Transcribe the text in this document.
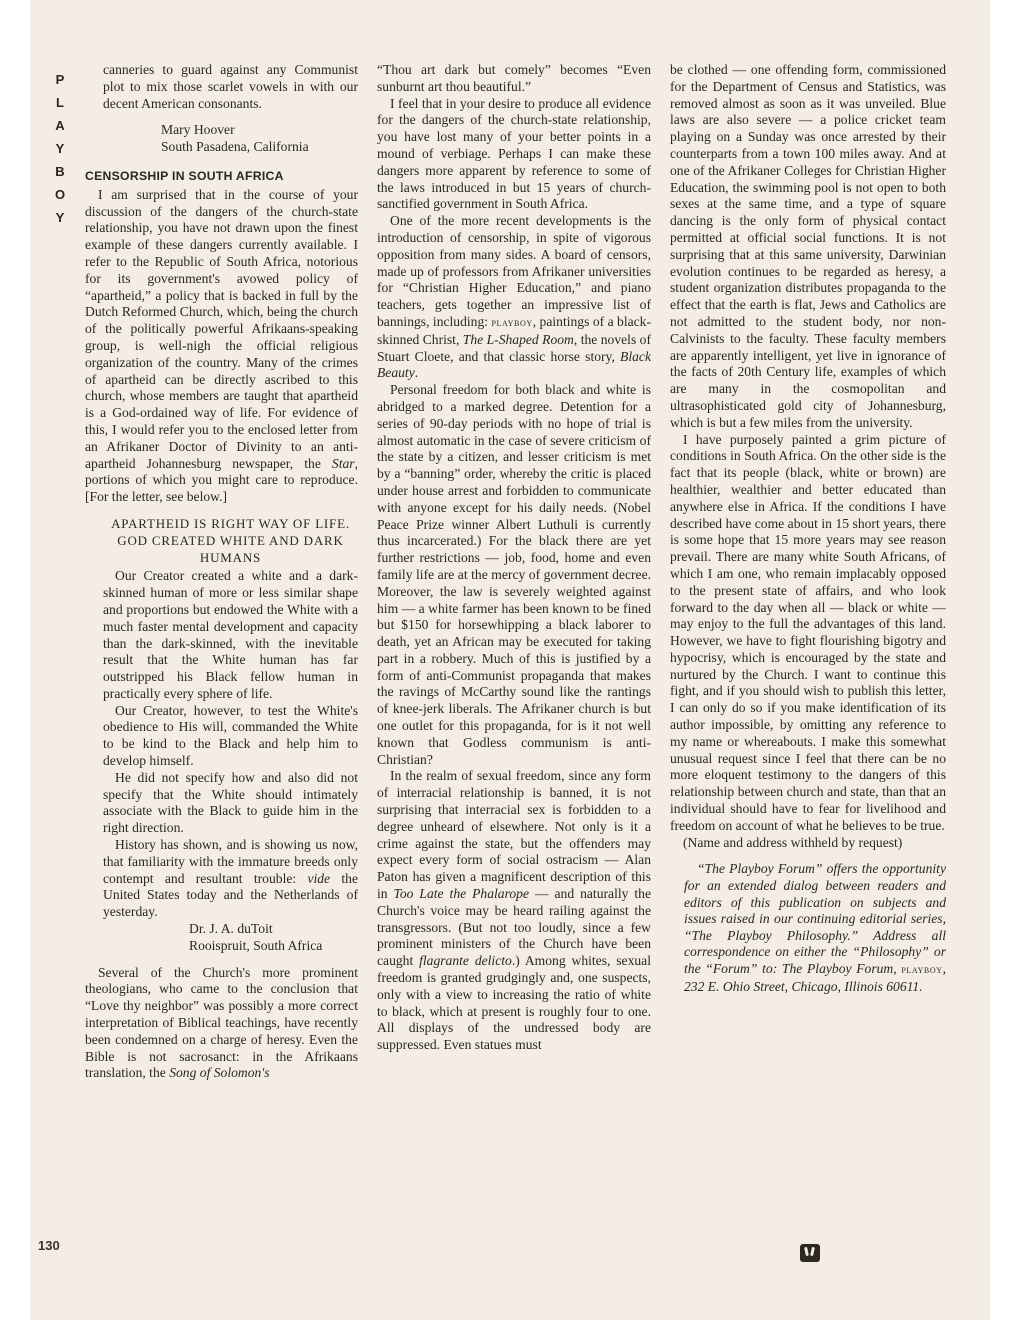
P
L
A
Y
B
O
Y
130

canneries to guard against any Communist plot to mix those scarlet vowels in with our decent American consonants.

Mary Hoover

South Pasadena, California

CENSORSHIP IN SOUTH AFRICA

I am surprised that in the course of your discussion of the dangers of the church-state relationship, you have not drawn upon the finest example of these dangers currently available. I refer to the Republic of South Africa, notorious for its government's avowed policy of “apartheid,” a policy that is backed in full by the Dutch Reformed Church, which, being the church of the politically powerful Afrikaans-speaking group, is well-nigh the official religious organization of the country. Many of the crimes of apartheid can be directly ascribed to this church, whose members are taught that apartheid is a God-ordained way of life. For evidence of this, I would refer you to the enclosed letter from an Afrikaner Doctor of Divinity to an anti-apartheid Johannesburg newspaper, the Star, portions of which you might care to reproduce. [For the letter, see below.]

APARTHEID IS RIGHT WAY OF LIFE. GOD CREATED WHITE AND DARK HUMANS

Our Creator created a white and a dark-skinned human of more or less similar shape and proportions but endowed the White with a much faster mental development and capacity than the dark-skinned, with the inevitable result that the White human has far outstripped his Black fellow human in practically every sphere of life.

Our Creator, however, to test the White's obedience to His will, commanded the White to be kind to the Black and help him to develop himself.

He did not specify how and also did not specify that the White should intimately associate with the Black to guide him in the right direction.

History has shown, and is showing us now, that familiarity with the immature breeds only contempt and resultant trouble: vide the United States today and the Netherlands of yesterday.

Dr. J. A. duToit

Rooispruit, South Africa

Several of the Church's more prominent theologians, who came to the conclusion that “Love thy neighbor” was possibly a more correct interpretation of Biblical teachings, have recently been condemned on a charge of heresy. Even the Bible is not sacrosanct: in the Afrikaans translation, the Song of Solomon's

“Thou art dark but comely” becomes “Even sunburnt art thou beautiful.”

I feel that in your desire to produce all evidence for the dangers of the church-state relationship, you have lost many of your better points in a mound of verbiage. Perhaps I can make these dangers more apparent by reference to some of the laws introduced in but 15 years of church-sanctified government in South Africa.

One of the more recent developments is the introduction of censorship, in spite of vigorous opposition from many sides. A board of censors, made up of professors from Afrikaner universities for “Christian Higher Education,” and piano teachers, gets together an impressive list of bannings, including: playboy, paintings of a black-skinned Christ, The L-Shaped Room, the novels of Stuart Cloete, and that classic horse story, Black Beauty.

Personal freedom for both black and white is abridged to a marked degree. Detention for a series of 90-day periods with no hope of trial is almost automatic in the case of severe criticism of the state by a citizen, and lesser criticism is met by a “banning” order, whereby the critic is placed under house arrest and forbidden to communicate with anyone except for his daily needs. (Nobel Peace Prize winner Albert Luthuli is currently thus incarcerated.) For the black there are yet further restrictions — job, food, home and even family life are at the mercy of government decree. Moreover, the law is severely weighted against him — a white farmer has been known to be fined but $150 for horsewhipping a black laborer to death, yet an African may be executed for taking part in a robbery. Much of this is justified by a form of anti-Communist propaganda that makes the ravings of McCarthy sound like the rantings of knee-jerk liberals. The Afrikaner church is but one outlet for this propaganda, for is it not well known that Godless communism is anti-Christian?

In the realm of sexual freedom, since any form of interracial relationship is banned, it is not surprising that interracial sex is forbidden to a degree unheard of elsewhere. Not only is it a crime against the state, but the offenders may expect every form of social ostracism — Alan Paton has given a magnificent description of this in Too Late the Phalarope — and naturally the Church's voice may be heard railing against the transgressors. (But not too loudly, since a few prominent ministers of the Church have been caught flagrante delicto.) Among whites, sexual freedom is granted grudgingly and, one suspects, only with a view to increasing the ratio of white to black, which at present is roughly four to one. All displays of the undressed body are suppressed. Even statues must

be clothed — one offending form, commissioned for the Department of Census and Statistics, was removed almost as soon as it was unveiled. Blue laws are also severe — a police cricket team playing on a Sunday was once arrested by their counterparts from a town 100 miles away. And at one of the Afrikaner Colleges for Christian Higher Education, the swimming pool is not open to both sexes at the same time, and a type of square dancing is the only form of physical contact permitted at official social functions. It is not surprising that at this same university, Darwinian evolution continues to be regarded as heresy, a student organization distributes propaganda to the effect that the earth is flat, Jews and Catholics are not admitted to the student body, nor non-Calvinists to the faculty. These faculty members are apparently intelligent, yet live in ignorance of the facts of 20th Century life, examples of which are many in the cosmopolitan and ultrasophisticated gold city of Johannesburg, which is but a few miles from the university.

I have purposely painted a grim picture of conditions in South Africa. On the other side is the fact that its people (black, white or brown) are healthier, wealthier and better educated than anywhere else in Africa. If the conditions I have described have come about in 15 short years, there is some hope that 15 more years may see reason prevail. There are many white South Africans, of which I am one, who remain implacably opposed to the present state of affairs, and who look forward to the day when all — black or white — may enjoy to the full the advantages of this land. However, we have to fight flourishing bigotry and hypocrisy, which is encouraged by the state and nurtured by the Church. I want to continue this fight, and if you should wish to publish this letter, I can only do so if you make identification of its author impossible, by omitting any reference to my name or whereabouts. I make this somewhat unusual request since I feel that there can be no more eloquent testimony to the dangers of this relationship between church and state, than that an individual should have to fear for livelihood and freedom on account of what he believes to be true.

(Name and address withheld by request)

“The Playboy Forum” offers the opportunity for an extended dialog between readers and editors of this publication on subjects and issues raised in our continuing editorial series, “The Playboy Philosophy.” Address all correspondence on either the “Philosophy” or the “Forum” to: The Playboy Forum, playboy, 232 E. Ohio Street, Chicago, Illinois 60611.
